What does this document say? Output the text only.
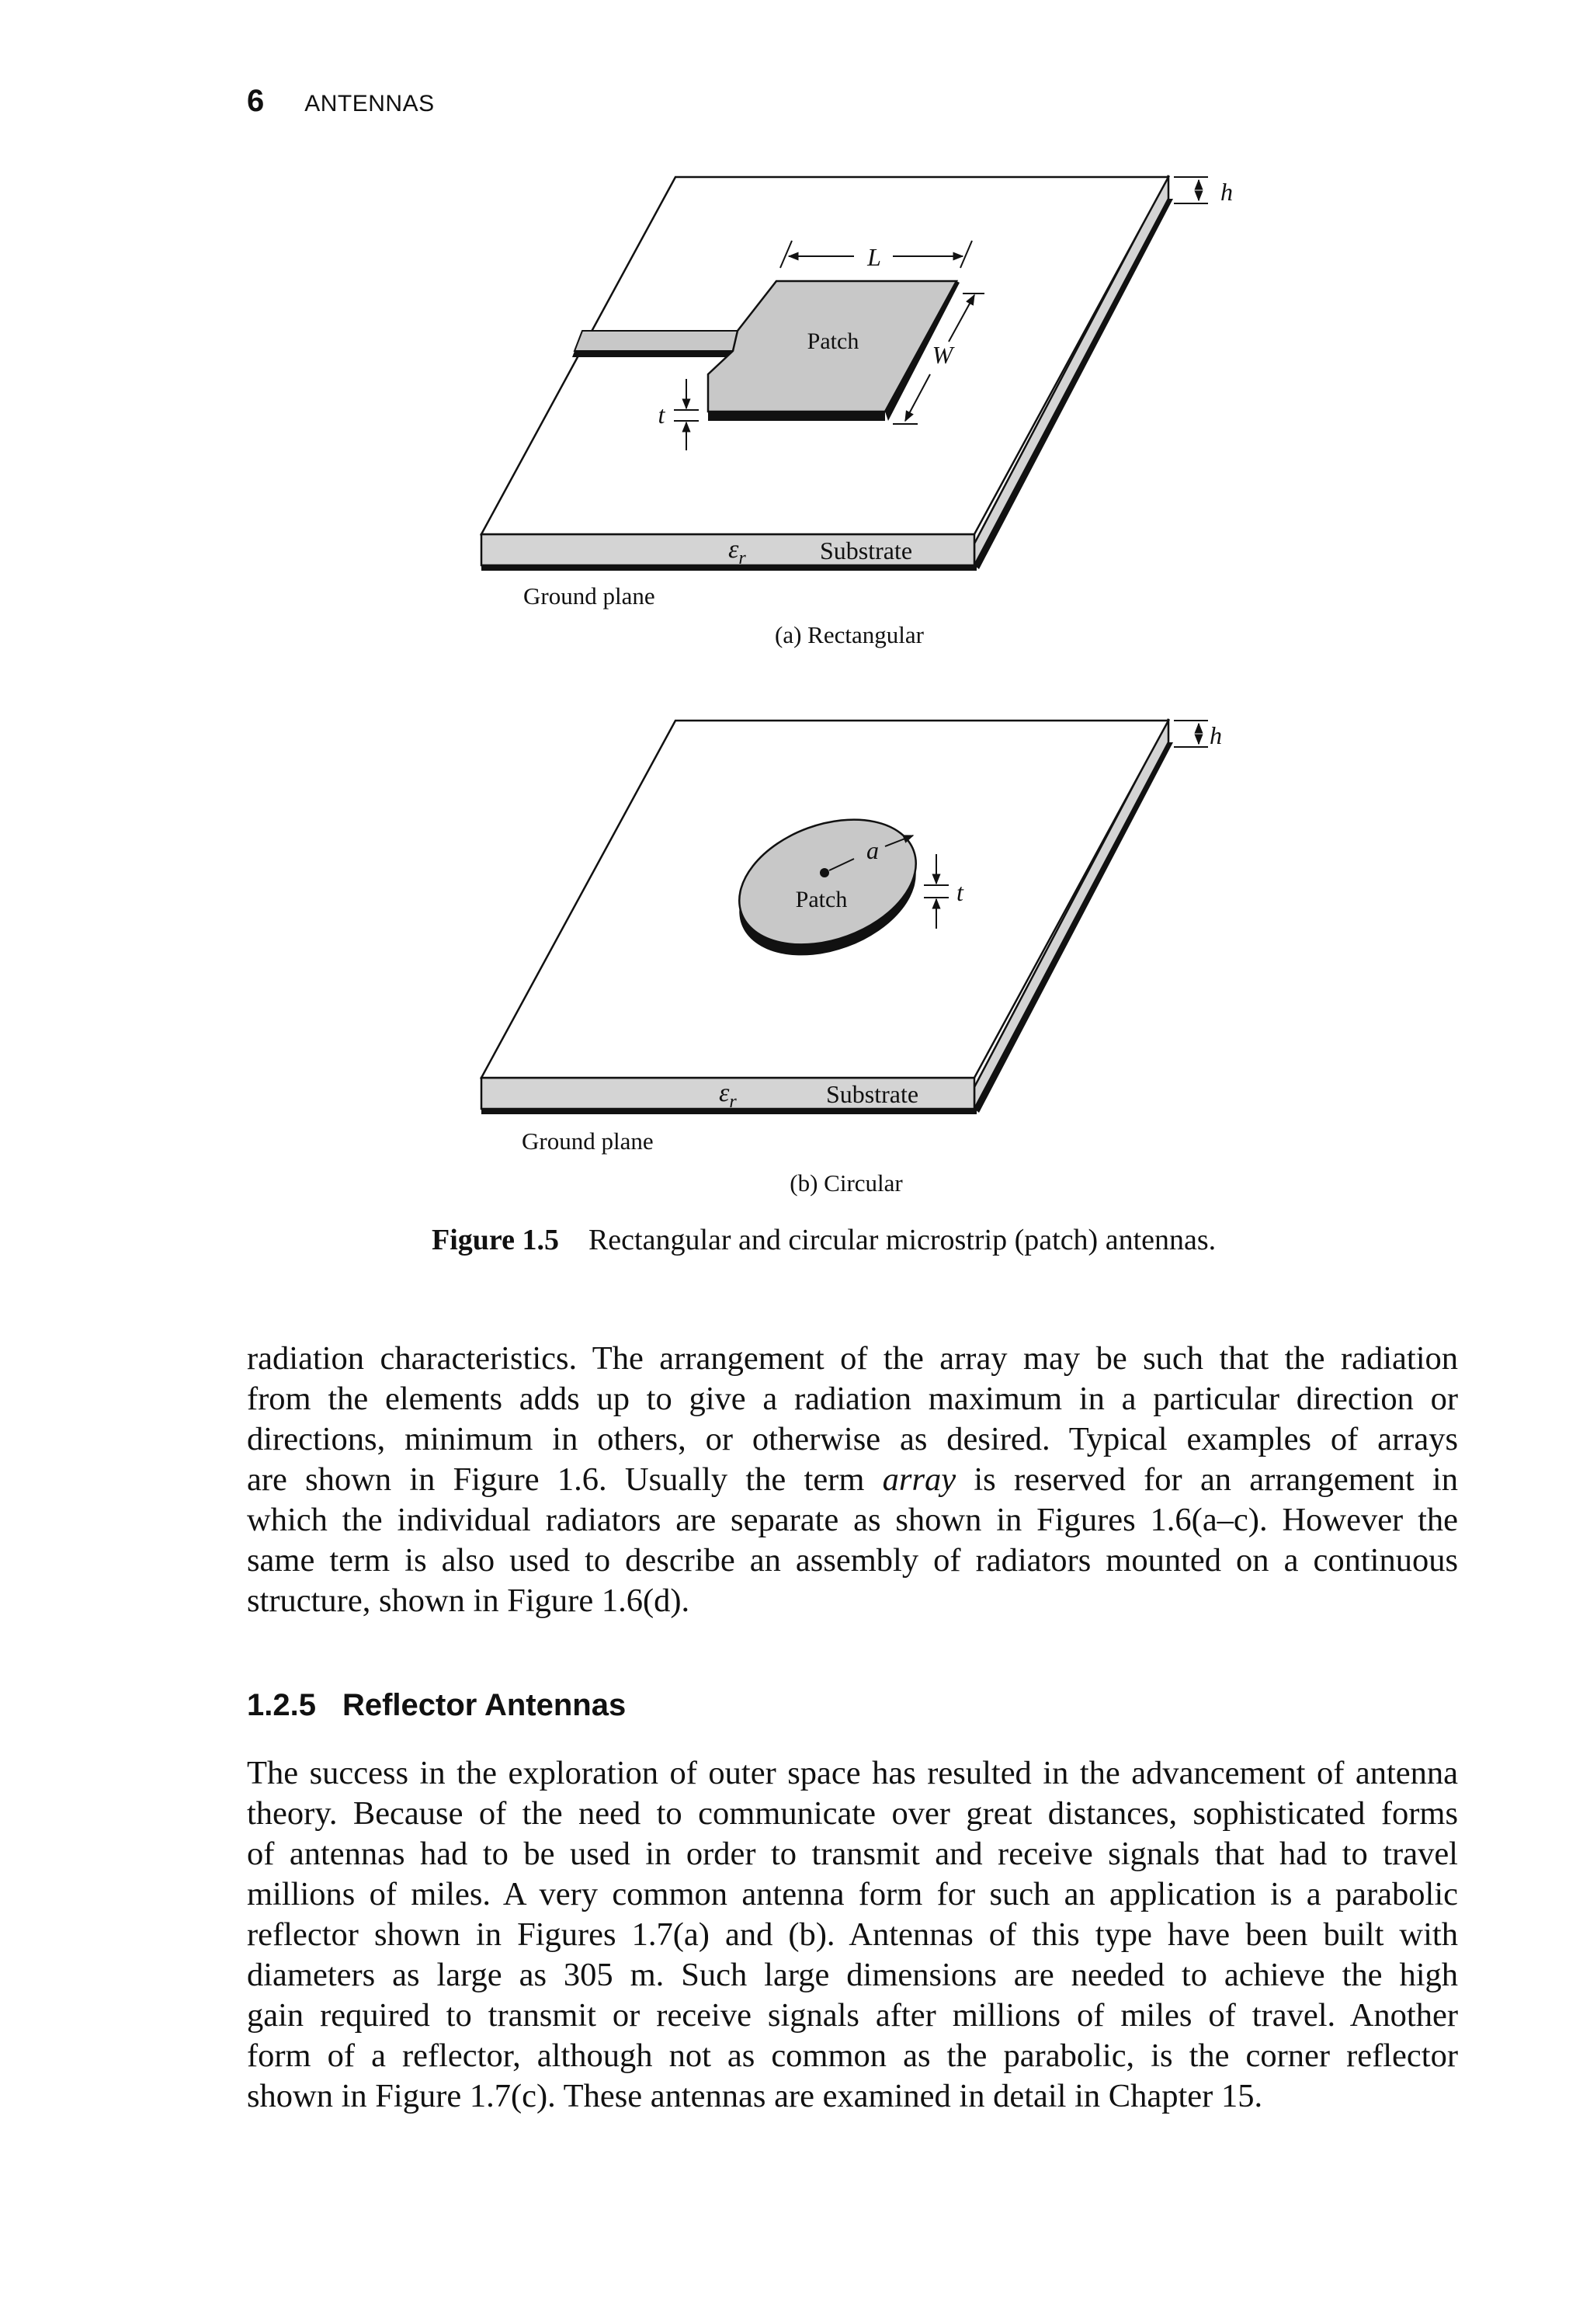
6 ANTENNAS
Patch
L
W
t
h
$\varepsilon_r$	Substrate
Ground plane
(a) Rectangular
a
Patch	t
h
$\varepsilon_r$	Substrate
Ground plane
(b) Circular
Figure 1.5 Rectangular and circular microstrip (patch) antennas.

radiation characteristics. The arrangement of the array may be such that the radiation
from the elements adds up to give a radiation maximum in a particular direction or
directions, minimum in others, or otherwise as desired. Typical examples of arrays
are shown in Figure 1.6. Usually the term array is reserved for an arrangement in
which the individual radiators are separate as shown in Figures 1.6(a–c). However the
same term is also used to describe an assembly of radiators mounted on a continuous
structure, shown in Figure 1.6(d).

1.2.5 Reflector Antennas

The success in the exploration of outer space has resulted in the advancement of antenna
theory. Because of the need to communicate over great distances, sophisticated forms
of antennas had to be used in order to transmit and receive signals that had to travel
millions of miles. A very common antenna form for such an application is a parabolic
reflector shown in Figures 1.7(a) and (b). Antennas of this type have been built with
diameters as large as 305 m. Such large dimensions are needed to achieve the high
gain required to transmit or receive signals after millions of miles of travel. Another
form of a reflector, although not as common as the parabolic, is the corner reflector
shown in Figure 1.7(c). These antennas are examined in detail in Chapter 15.
